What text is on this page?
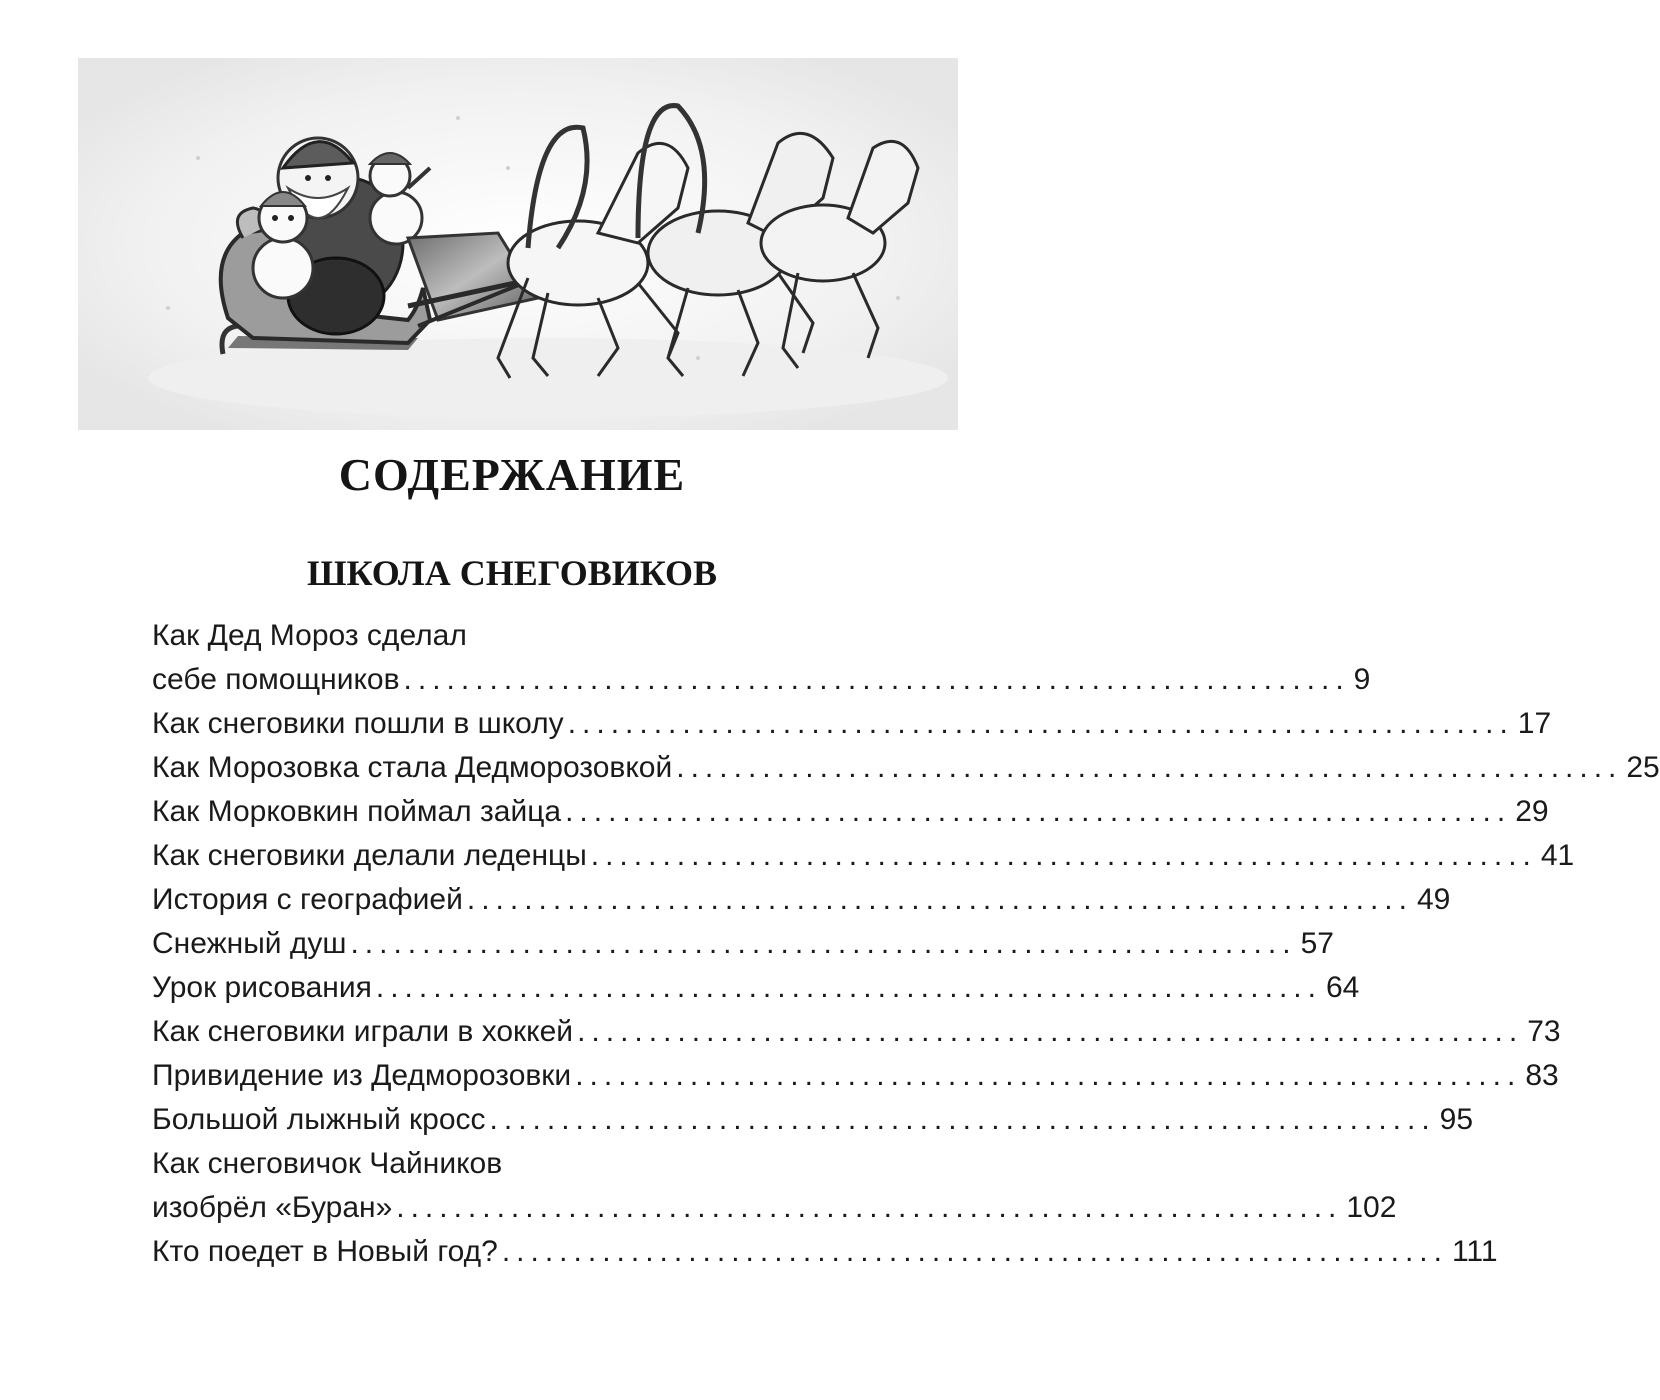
СОДЕРЖАНИЕ
ШКОЛА СНЕГОВИКОВ
Как Дед Мороз сделал
себе помощников .................................................................. 9
Как снеговики пошли в школу .................................................................. 17
Как Морозовка стала Дедморозовкой .................................................................. 25
Как Морковкин поймал зайца .................................................................. 29
Как снеговики делали леденцы .................................................................. 41
История с географией .................................................................. 49
Снежный душ .................................................................. 57
Урок рисования .................................................................. 64
Как снеговики играли в хоккей .................................................................. 73
Привидение из Дедморозовки .................................................................. 83
Большой лыжный кросс .................................................................. 95
Как снеговичок Чайников
изобрёл «Буран» .................................................................. 102
Кто поедет в Новый год? .................................................................. 111
